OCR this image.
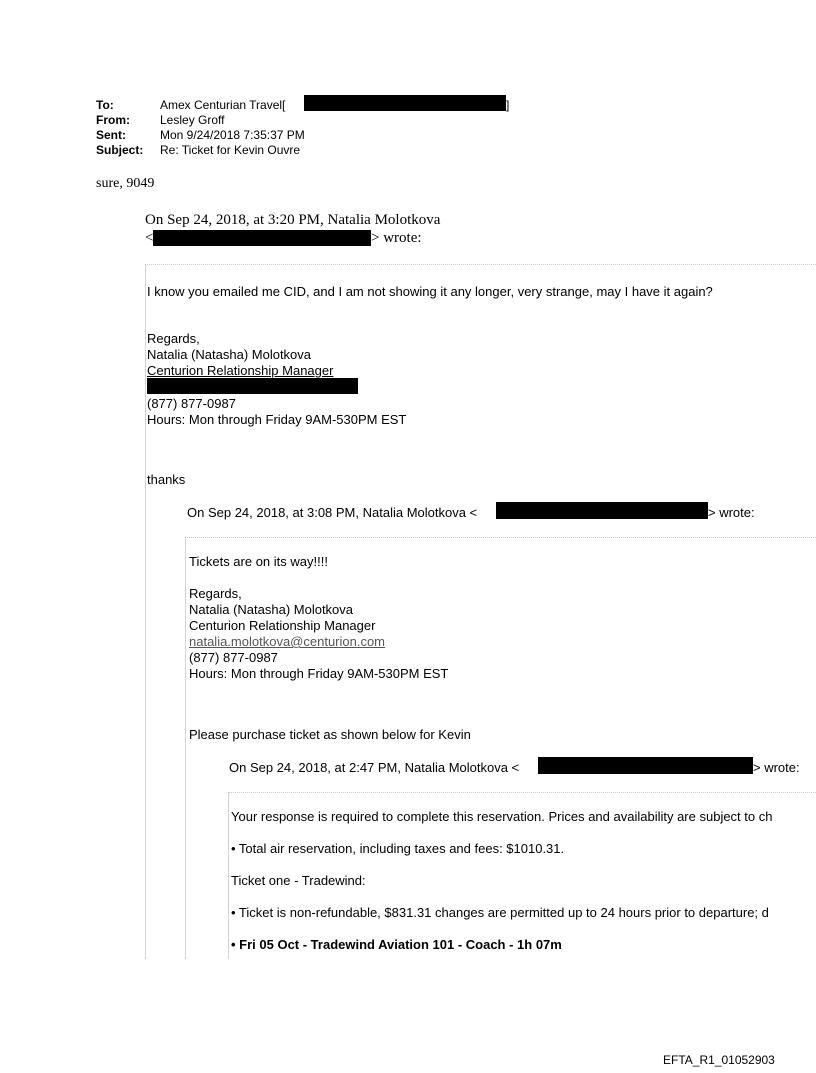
To:	Amex Centurian Travel[	]
From:	Lesley Groff
Sent:	Mon 9/24/2018 7:35:37 PM
Subject: Re: Ticket for Kevin Ouvre
sure, 9049
On Sep 24, 2018, at 3:20 PM, Natalia Molotkova
<	> wrote:
I know you emailed me CID, and I am not showing it any longer, very strange, may I have it again?
Regards,
Natalia (Natasha) Molotkova
Centurion Relationship Manager
(877) 877-0987
Hours: Mon through Friday 9AM-530PM EST
thanks
On Sep 24, 2018, at 3:08 PM, Natalia Molotkova <	> wrote:
Tickets are on its way!!!!
Regards,
Natalia (Natasha) Molotkova
Centurion Relationship Manager
natalia.molotkova@centurion.com
(877) 877-0987
Hours: Mon through Friday 9AM-530PM EST
Please purchase ticket as shown below for Kevin
On Sep 24, 2018, at 2:47 PM, Natalia Molotkova <	> wrote:
Your response is required to complete this reservation. Prices and availability are subject to ch
• Total air reservation, including taxes and fees: $1010.31.
Ticket one - Tradewind:
• Ticket is non-refundable, $831.31 changes are permitted up to 24 hours prior to departure; d
• Fri 05 Oct - Tradewind Aviation 101 - Coach - 1h 07m
EFTA_R1_01052903
